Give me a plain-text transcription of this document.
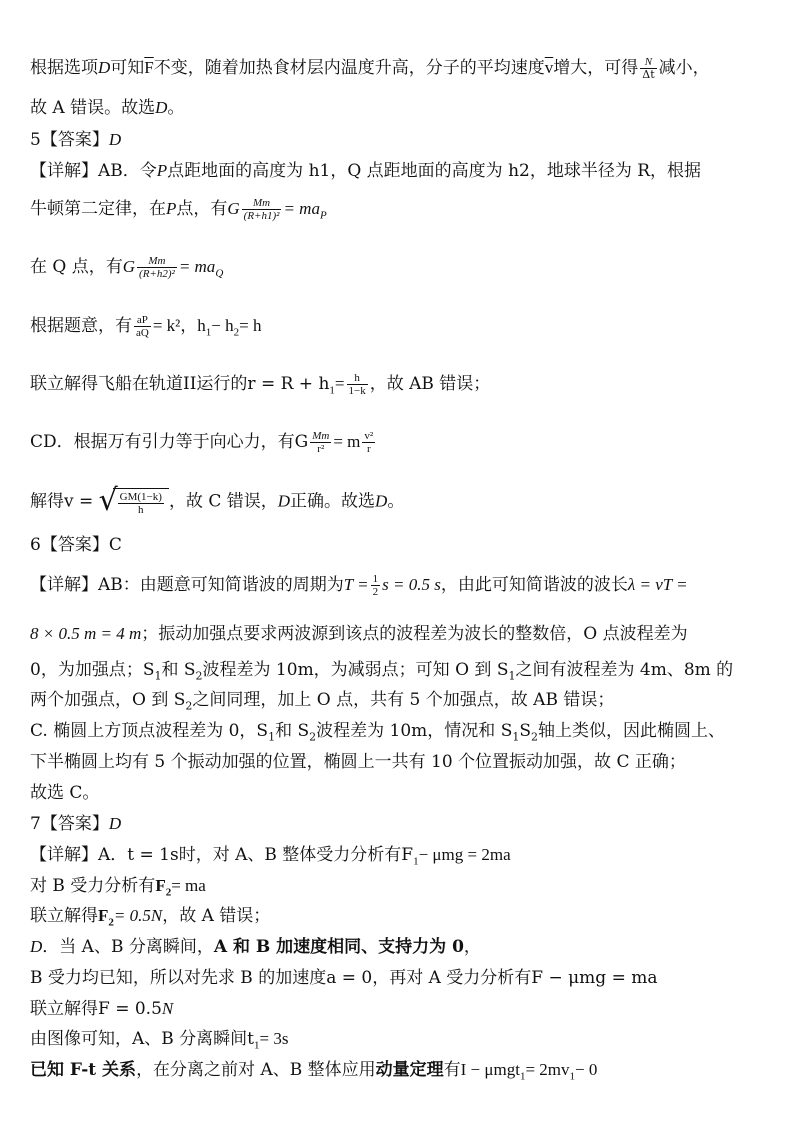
根据选项D可知$\overline{F}$不变，随着加热食材层内温度升高，分子的平均速度$\overline{v}$增大，可得 $\frac{N}{\Delta t}$ 减小，
故 A 错误。故选D。
5【答案】D
【详解】AB．令P点距地面的高度为 h1，Q 点距地面的高度为 h2，地球半径为 R，根据
牛顿第二定律，在P点，有G $\frac{Mm}{\text{(R+h1)²}} = ma_P$
在 Q 点，有G $\frac{Mm}{\text{(R+h2)²}} = ma_Q$
根据题意，有 $\frac{aP}{aQ} = k^2$，$h_1- h_2= h$
联立解得飞船在轨道II运行的$r = R + h_1= \frac{h}{1-k}$ ，故 AB 错误；
CD．根据万有引力等于向心力，有G $\frac{Mm}{\text{r²}} = m \frac{\text{v²}}{r}$
解得v = √ $\frac{GM(1-k)}{h}$ ，故 C 错误，D正确。故选D。
6【答案】C
【详解】AB：由题意可知简谐波的周期为$T = \frac{1}{2}$ s = 0.5 s，由此可知简谐波的波长λ = vT =
8 × 0.5 m = 4 m；振动加强点要求两波源到该点的波程差为波长的整数倍，O 点波程差为
0，为加强点；$S_1$和 $S_2$波程差为 10m，为减弱点；可知 O 到 $S_1$之间有波程差为 4m、8m 的
两个加强点，O 到 $S_2$之间同理，加上 O 点，共有 5 个加强点，故 AB 错误；
C. 椭圆上方顶点波程差为 0，$S_1$和 $S_2$波程差为 10m，情况和 $S_1S_2$轴上类似，因此椭圆上、
下半椭圆上均有 5 个振动加强的位置，椭圆上一共有 10 个位置振动加强，故 C 正确；
故选 C。
7【答案】D
【详解】A．t = 1s时，对 A、B 整体受力分析有$F_1- \mu mg = 2ma$
对 B 受力分析有$F_2=$ ma
联立解得$F_2= 0.5N$，故 A 错误；
D．当 A、B 分离瞬间，A 和 B 加速度相同、支持力为 0，
B 受力均已知，所以对先求 B 的加速度a = 0，再对 A 受力分析有F − μmg = ma
联立解得F = 0.5N
由图像可知，A、B 分离瞬间$t_1= 3s$
已知 F-t 关系，在分离之前对 A、B 整体应用动量定理有$I - \mu mgt_1= 2mv_1- 0$
